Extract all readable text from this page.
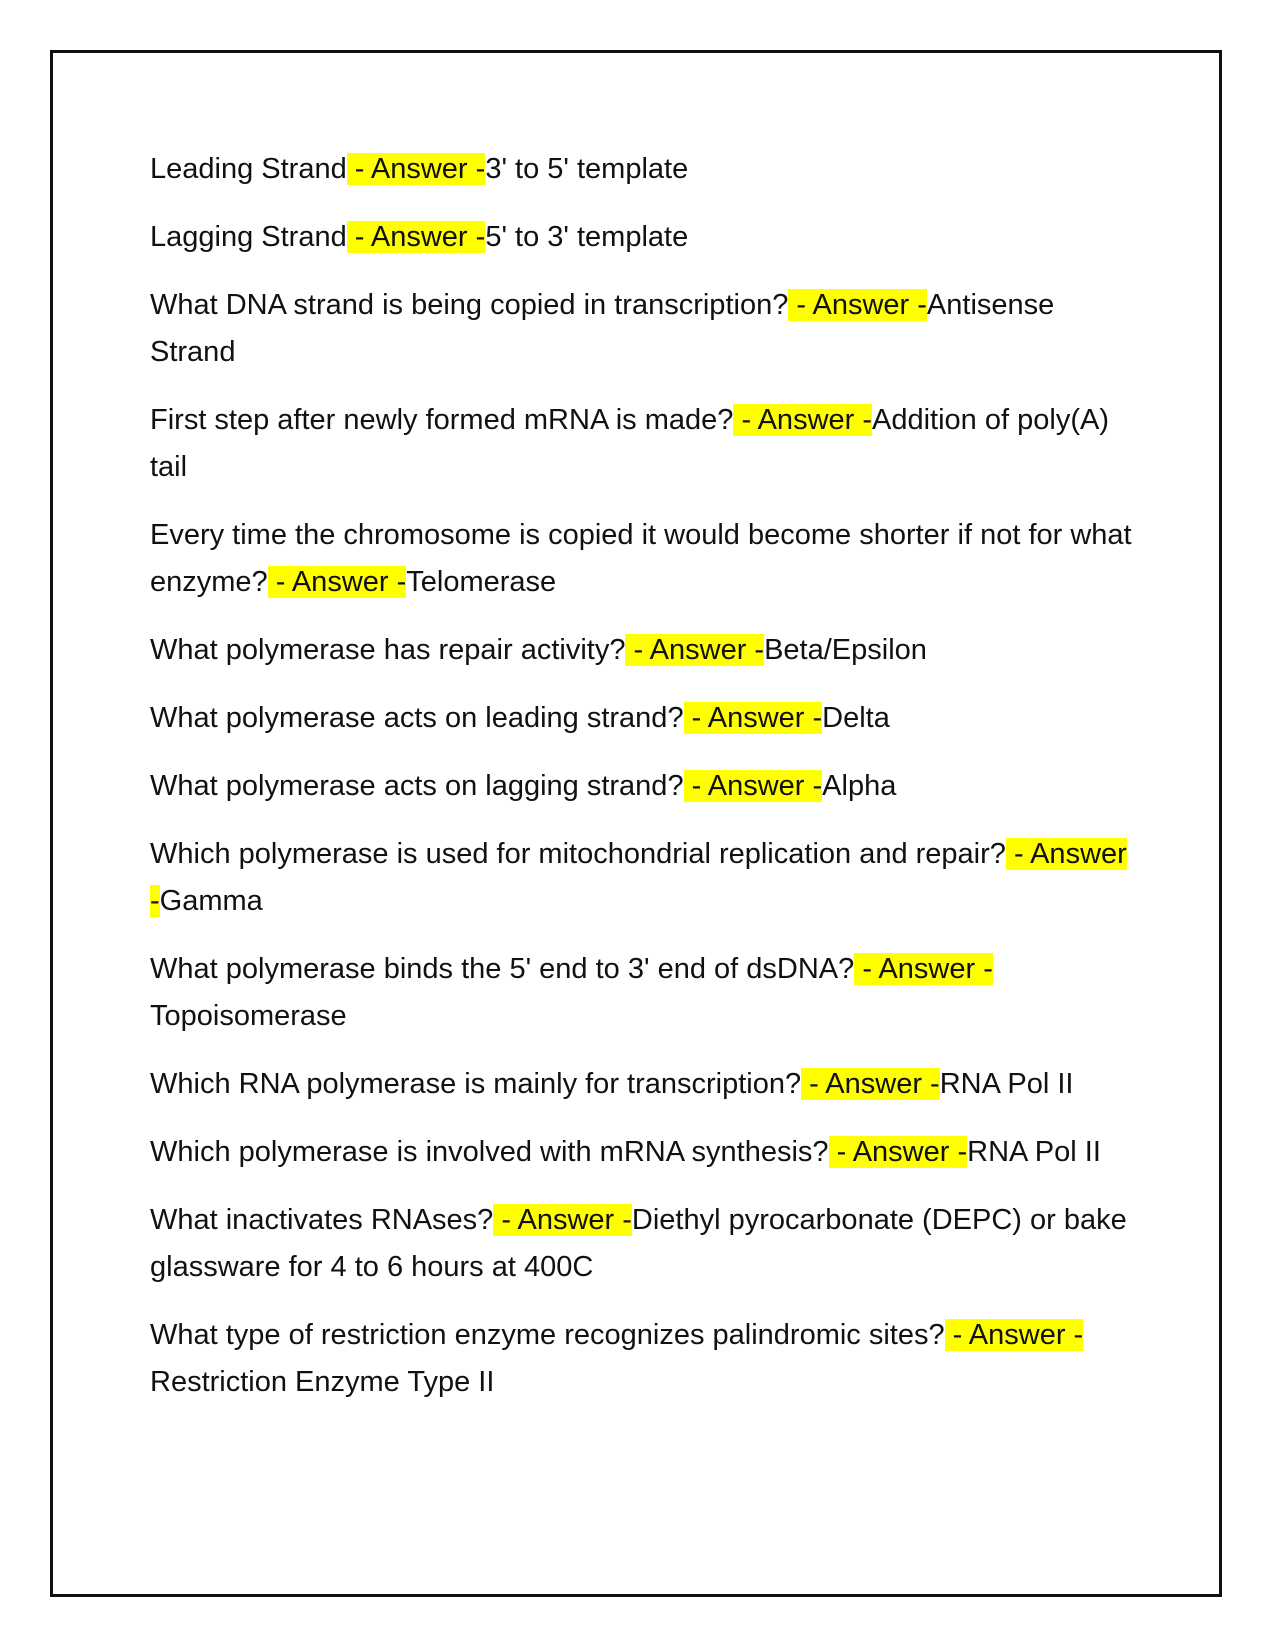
Leading Strand - Answer -3' to 5' template
Lagging Strand - Answer -5' to 3' template
What DNA strand is being copied in transcription? - Answer -Antisense Strand
First step after newly formed mRNA is made? - Answer -Addition of poly(A) tail
Every time the chromosome is copied it would become shorter if not for what enzyme? - Answer -Telomerase
What polymerase has repair activity? - Answer -Beta/Epsilon
What polymerase acts on leading strand? - Answer -Delta
What polymerase acts on lagging strand? - Answer -Alpha
Which polymerase is used for mitochondrial replication and repair? - Answer -Gamma
What polymerase binds the 5' end to 3' end of dsDNA? - Answer -Topoisomerase
Which RNA polymerase is mainly for transcription? - Answer -RNA Pol II
Which polymerase is involved with mRNA synthesis? - Answer -RNA Pol II
What inactivates RNAses? - Answer -Diethyl pyrocarbonate (DEPC) or bake glassware for 4 to 6 hours at 400C
What type of restriction enzyme recognizes palindromic sites? - Answer -Restriction Enzyme Type II
